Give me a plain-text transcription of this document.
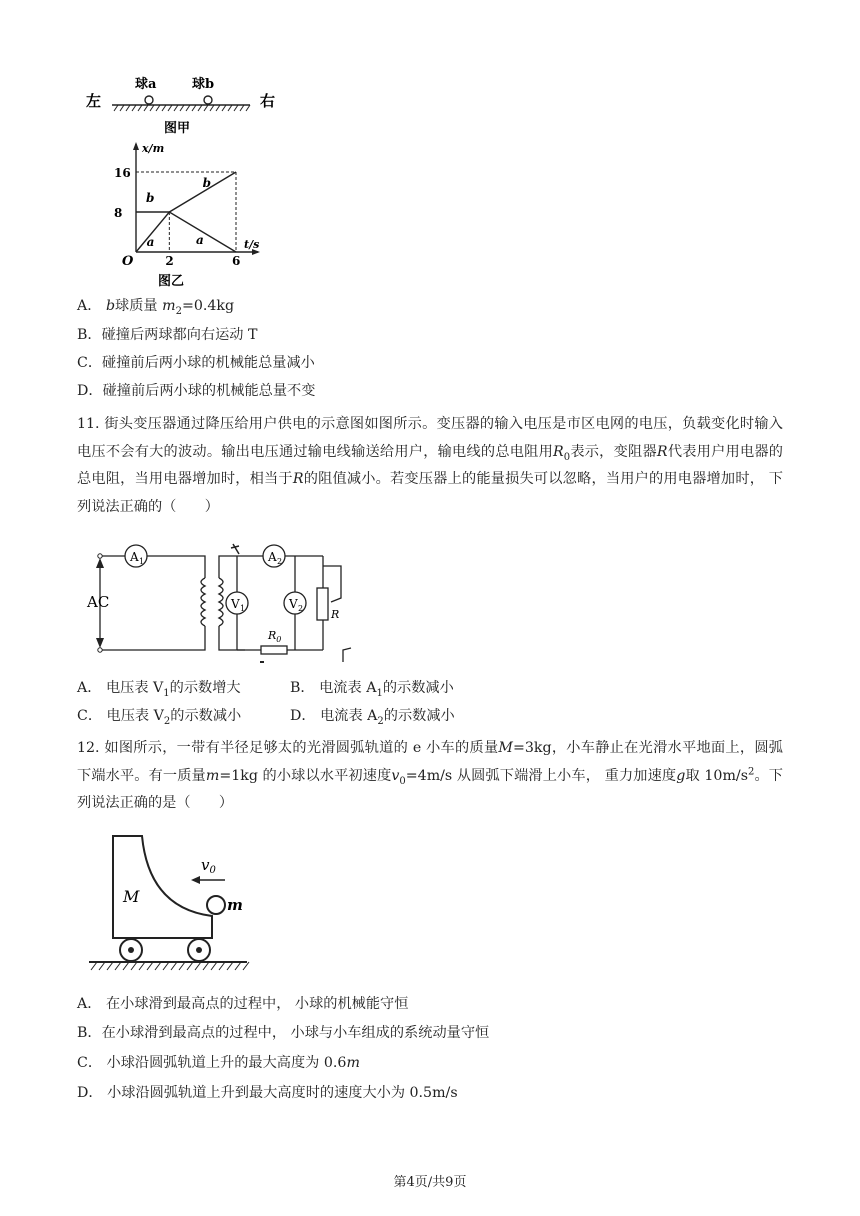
左
球a	球b
右
图甲
x/m
t/s
O
16
8
2	6
图乙
a	a
b
b
A． b球质量 $m_2=0.4kg$
B．碰撞后两球都向右运动 T
C．碰撞前后两小球的机械能总量减小
D．碰撞前后两小球的机械能总量不变
11. 街头变压器通过降压给用户供电的示意图如图所示。变压器的输入电压是市区电网的电压，负载变化时输入电压不会有大的波动。输出电压通过输电线输送给用户，输电线的总电阻用$R_0$表示，变阻器R代表用户用电器的总电阻，当用电器增加时，相当于R的阻值减小。若变压器上的能量损失可以忽略，当用户的用电器增加时， 下列说法正确的（　　）
AC
A 1	A 2
V 1	V 2
$R_0$
R
A． 电压表 $V_1$的示数增大	B． 电流表 $A_1$的示数减小
C． 电压表 $V_2$的示数减小	D． 电流表 $A_2$的示数减小
12. 如图所示，一带有半径足够太的光滑圆弧轨道的 e 小车的质量M=3kg，小车静止在光滑水平地面上，圆弧下端水平。有一质量m=1kg 的小球以水平初速度$v_0=4m/s$ 从圆弧下端滑上小车， 重力加速度g取 $10m/s^2$。下列说法正确的是（　　）
M	m
$v_0$
A． 在小球滑到最高点的过程中， 小球的机械能守恒
B．在小球滑到最高点的过程中， 小球与小车组成的系统动量守恒
C． 小球沿圆弧轨道上升的最大高度为 0.6m
D． 小球沿圆弧轨道上升到最大高度时的速度大小为 0.5m/s
第4页/共9页
